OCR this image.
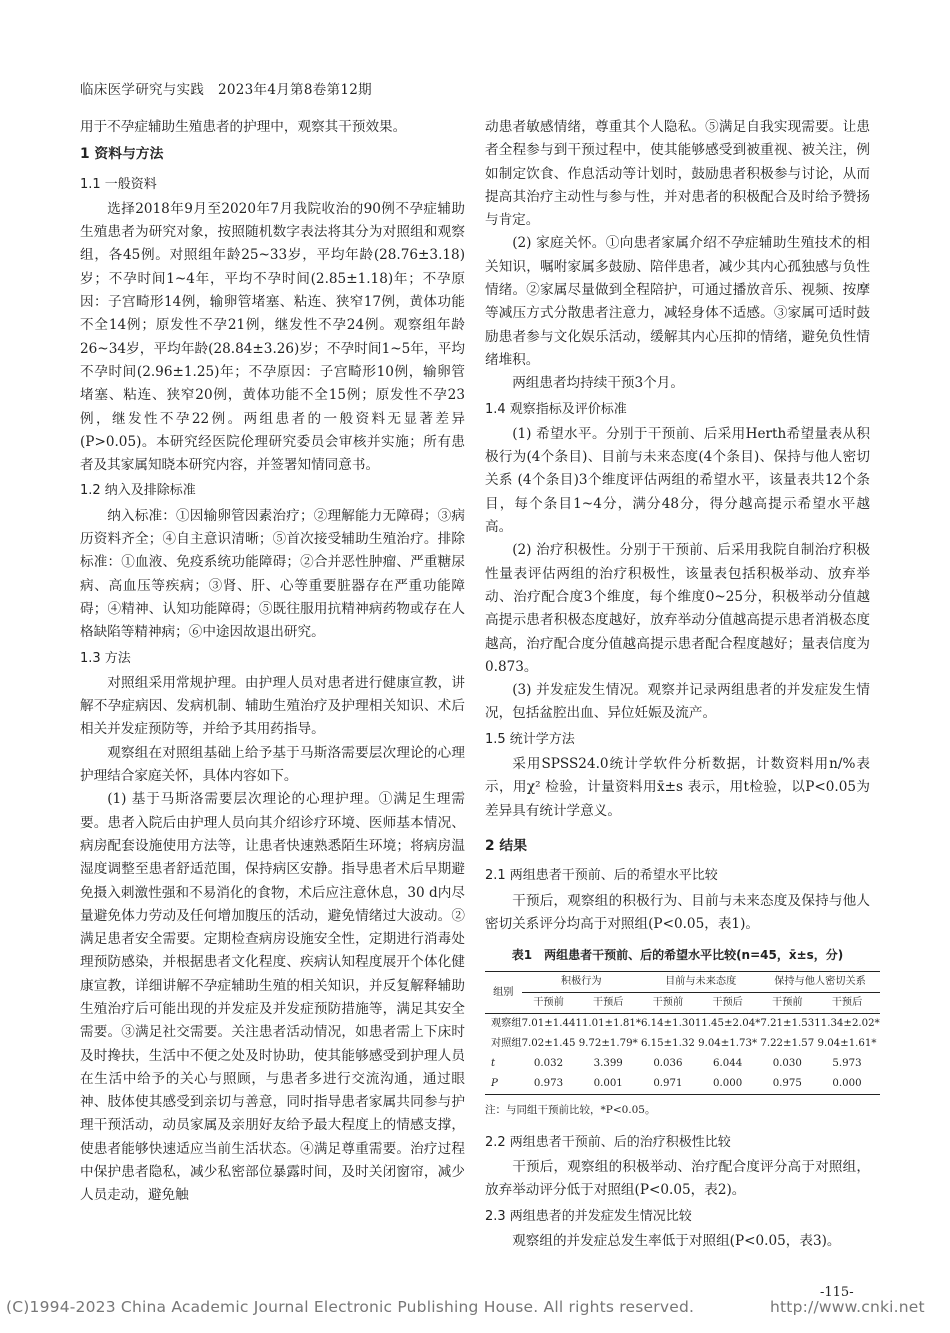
临床医学研究与实践　2023年4月第8卷第12期

用于不孕症辅助生殖患者的护理中，观察其干预效果。

1 资料与方法
1.1 一般资料

选择2018年9月至2020年7月我院收治的90例不孕症辅助生殖患者为研究对象，按照随机数字表法将其分为对照组和观察组，各45例。对照组年龄25~33岁，平均年龄(28.76±3.18)岁；不孕时间1~4年，平均不孕时间(2.85±1.18)年；不孕原因：子宫畸形14例，输卵管堵塞、粘连、狭窄17例，黄体功能不全14例；原发性不孕21例，继发性不孕24例。观察组年龄26~34岁，平均年龄(28.84±3.26)岁；不孕时间1~5年，平均不孕时间(2.96±1.25)年；不孕原因：子宫畸形10例，输卵管堵塞、粘连、狭窄20例，黄体功能不全15例；原发性不孕23例，继发性不孕22例。两组患者的一般资料无显著差异(P>0.05)。本研究经医院伦理研究委员会审核并实施；所有患者及其家属知晓本研究内容，并签署知情同意书。

1.2 纳入及排除标准

纳入标准：①因输卵管因素治疗；②理解能力无障碍；③病历资料齐全；④自主意识清晰；⑤首次接受辅助生殖治疗。排除标准：①血液、免疫系统功能障碍；②合并恶性肿瘤、严重糖尿病、高血压等疾病；③肾、肝、心等重要脏器存在严重功能障碍；④精神、认知功能障碍；⑤既往服用抗精神病药物或存在人格缺陷等精神病；⑥中途因故退出研究。

1.3 方法

对照组采用常规护理。由护理人员对患者进行健康宣教，讲解不孕症病因、发病机制、辅助生殖治疗及护理相关知识、术后相关并发症预防等，并给予其用药指导。

观察组在对照组基础上给予基于马斯洛需要层次理论的心理护理结合家庭关怀，具体内容如下。

(1) 基于马斯洛需要层次理论的心理护理。①满足生理需要。患者入院后由护理人员向其介绍诊疗环境、医师基本情况、病房配套设施使用方法等，让患者快速熟悉陌生环境；将病房温湿度调整至患者舒适范围，保持病区安静。指导患者术后早期避免摄入刺激性强和不易消化的食物，术后应注意休息，30 d内尽量避免体力劳动及任何增加腹压的活动，避免情绪过大波动。②满足患者安全需要。定期检查病房设施安全性，定期进行消毒处理预防感染，并根据患者文化程度、疾病认知程度展开个体化健康宣教，详细讲解不孕症辅助生殖的相关知识，并反复解释辅助生殖治疗后可能出现的并发症及并发症预防措施等，满足其安全需要。③满足社交需要。关注患者活动情况，如患者需上下床时及时搀扶，生活中不便之处及时协助，使其能够感受到护理人员在生活中给予的关心与照顾，与患者多进行交流沟通，通过眼神、肢体使其感受到亲切与善意，同时指导患者家属共同参与护理干预活动，动员家属及亲朋好友给予最大程度上的情感支撑，使患者能够快速适应当前生活状态。④满足尊重需要。治疗过程中保护患者隐私，减少私密部位暴露时间，及时关闭窗帘，减少人员走动，避免触

动患者敏感情绪，尊重其个人隐私。⑤满足自我实现需要。让患者全程参与到干预过程中，使其能够感受到被重视、被关注，例如制定饮食、作息活动等计划时，鼓励患者积极参与讨论，从而提高其治疗主动性与参与性，并对患者的积极配合及时给予赞扬与肯定。

(2) 家庭关怀。①向患者家属介绍不孕症辅助生殖技术的相关知识，嘱咐家属多鼓励、陪伴患者，减少其内心孤独感与负性情绪。②家属尽量做到全程陪护，可通过播放音乐、视频、按摩等减压方式分散患者注意力，减轻身体不适感。③家属可适时鼓励患者参与文化娱乐活动，缓解其内心压抑的情绪，避免负性情绪堆积。

两组患者均持续干预3个月。

1.4 观察指标及评价标准

(1) 希望水平。分别于干预前、后采用Herth希望量表从积极行为(4个条目)、目前与未来态度(4个条目)、保持与他人密切关系 (4个条目)3个维度评估两组的希望水平，该量表共12个条目，每个条目1~4分，满分48分，得分越高提示希望水平越高。

(2) 治疗积极性。分别于干预前、后采用我院自制治疗积极性量表评估两组的治疗积极性，该量表包括积极举动、放弃举动、治疗配合度3个维度，每个维度0~25分，积极举动分值越高提示患者积极态度越好，放弃举动分值越高提示患者消极态度越高，治疗配合度分值越高提示患者配合程度越好；量表信度为0.873。

(3) 并发症发生情况。观察并记录两组患者的并发症发生情况，包括盆腔出血、异位妊娠及流产。

1.5 统计学方法

采用SPSS24.0统计学软件分析数据，计数资料用n/%表示，用χ² 检验，计量资料用x̄±s 表示，用t检验，以P<0.05为差异具有统计学意义。

2 结果
2.1 两组患者干预前、后的希望水平比较

干预后，观察组的积极行为、目前与未来态度及保持与他人密切关系评分均高于对照组(P<0.05，表1)。

表1　两组患者干预前、后的希望水平比较(n=45，x̄±s，分)
组别	积极行为		目前与未来态度		保持与他人密切关系	
	干预前	干预后	干预前	干预后	干预前	干预后
观察组	7.01±1.44	11.01±1.81*	6.14±1.30	11.45±2.04*	7.21±1.53	11.34±2.02*
对照组	7.02±1.45	9.72±1.79*	6.15±1.32	9.04±1.73*	7.22±1.57	9.04±1.61*
t	0.032	3.399	0.036	6.044	0.030	5.973
P	0.973	0.001	0.971	0.000	0.975	0.000
注：与同组干预前比较，*P<0.05。
2.2 两组患者干预前、后的治疗积极性比较

干预后，观察组的积极举动、治疗配合度评分高于对照组，放弃举动评分低于对照组(P<0.05，表2)。

2.3 两组患者的并发症发生情况比较

观察组的并发症总发生率低于对照组(P<0.05，表3)。

-115-
(C)1994-2023 China Academic Journal Electronic Publishing House. All rights reserved.	http://www.cnki.net
